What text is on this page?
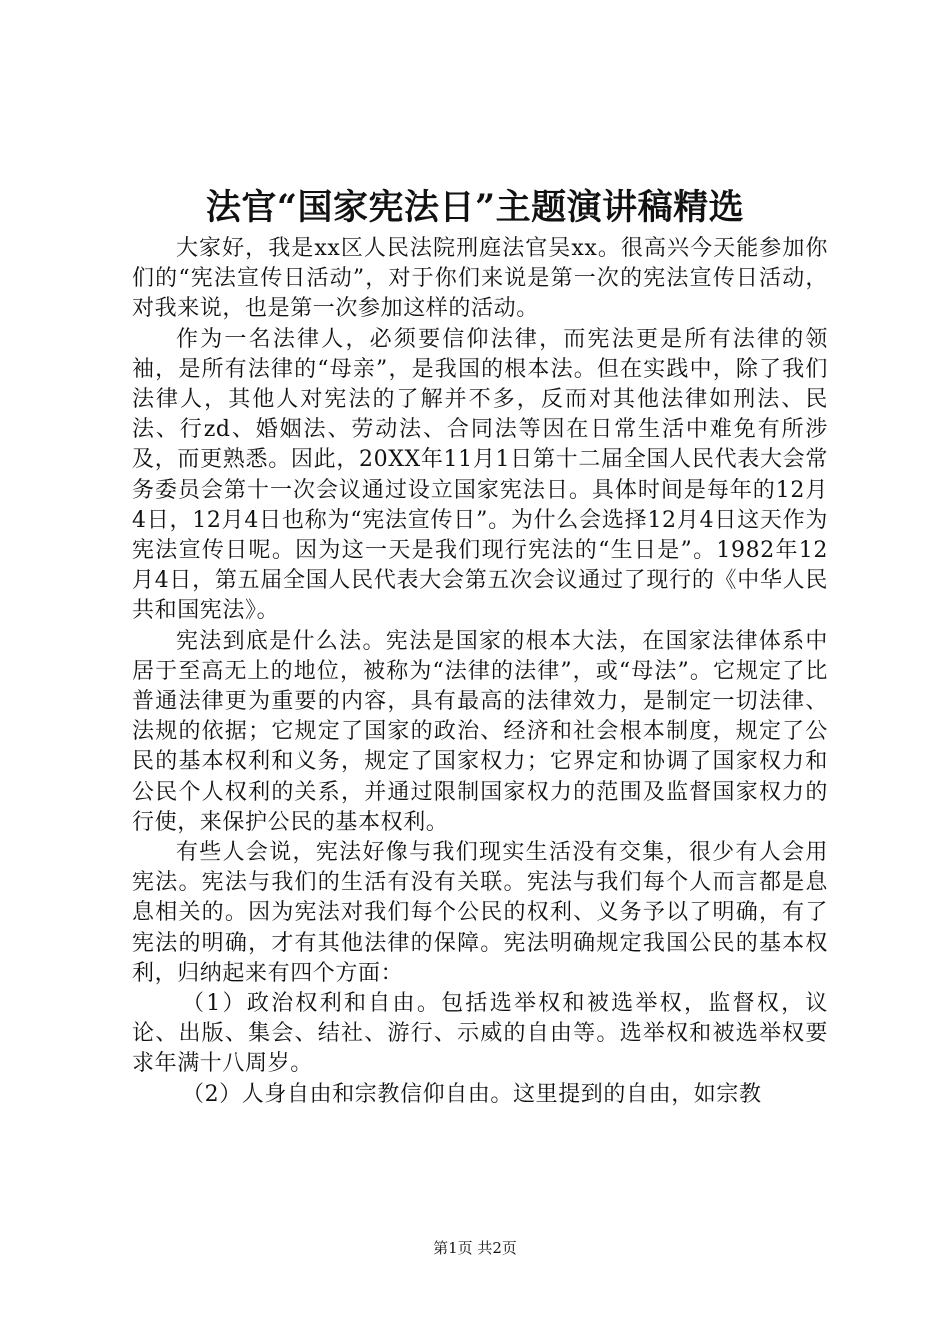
法官“国家宪法日”主题演讲稿精选

大家好，我是xx区人民法院刑庭法官吴xx。很高兴今天能参加你们的“宪法宣传日活动”，对于你们来说是第一次的宪法宣传日活动，对我来说，也是第一次参加这样的活动。

作为一名法律人，必须要信仰法律，而宪法更是所有法律的领袖，是所有法律的“母亲”，是我国的根本法。但在实践中，除了我们法律人，其他人对宪法的了解并不多，反而对其他法律如刑法、民法、行zd、婚姻法、劳动法、合同法等因在日常生活中难免有所涉及，而更熟悉。因此，20XX年11月1日第十二届全国人民代表大会常务委员会第十一次会议通过设立国家宪法日。具体时间是每年的12月4日，12月4日也称为“宪法宣传日”。为什么会选择12月4日这天作为宪法宣传日呢。因为这一天是我们现行宪法的“生日是”。1982年12月4日，第五届全国人民代表大会第五次会议通过了现行的《中华人民共和国宪法》。

宪法到底是什么法。宪法是国家的根本大法，在国家法律体系中居于至高无上的地位，被称为“法律的法律”，或“母法”。它规定了比普通法律更为重要的内容，具有最高的法律效力，是制定一切法律、法规的依据；它规定了国家的政治、经济和社会根本制度，规定了公民的基本权利和义务，规定了国家权力；它界定和协调了国家权力和公民个人权利的关系，并通过限制国家权力的范围及监督国家权力的行使，来保护公民的基本权利。

有些人会说，宪法好像与我们现实生活没有交集，很少有人会用宪法。宪法与我们的生活有没有关联。宪法与我们每个人而言都是息息相关的。因为宪法对我们每个公民的权利、义务予以了明确，有了宪法的明确，才有其他法律的保障。宪法明确规定我国公民的基本权利，归纳起来有四个方面：

（1）政治权利和自由。包括选举权和被选举权，监督权，议论、出版、集会、结社、游行、示威的自由等。选举权和被选举权要求年满十八周岁。

（2）人身自由和宗教信仰自由。这里提到的自由，如宗教

第1页 共2页
